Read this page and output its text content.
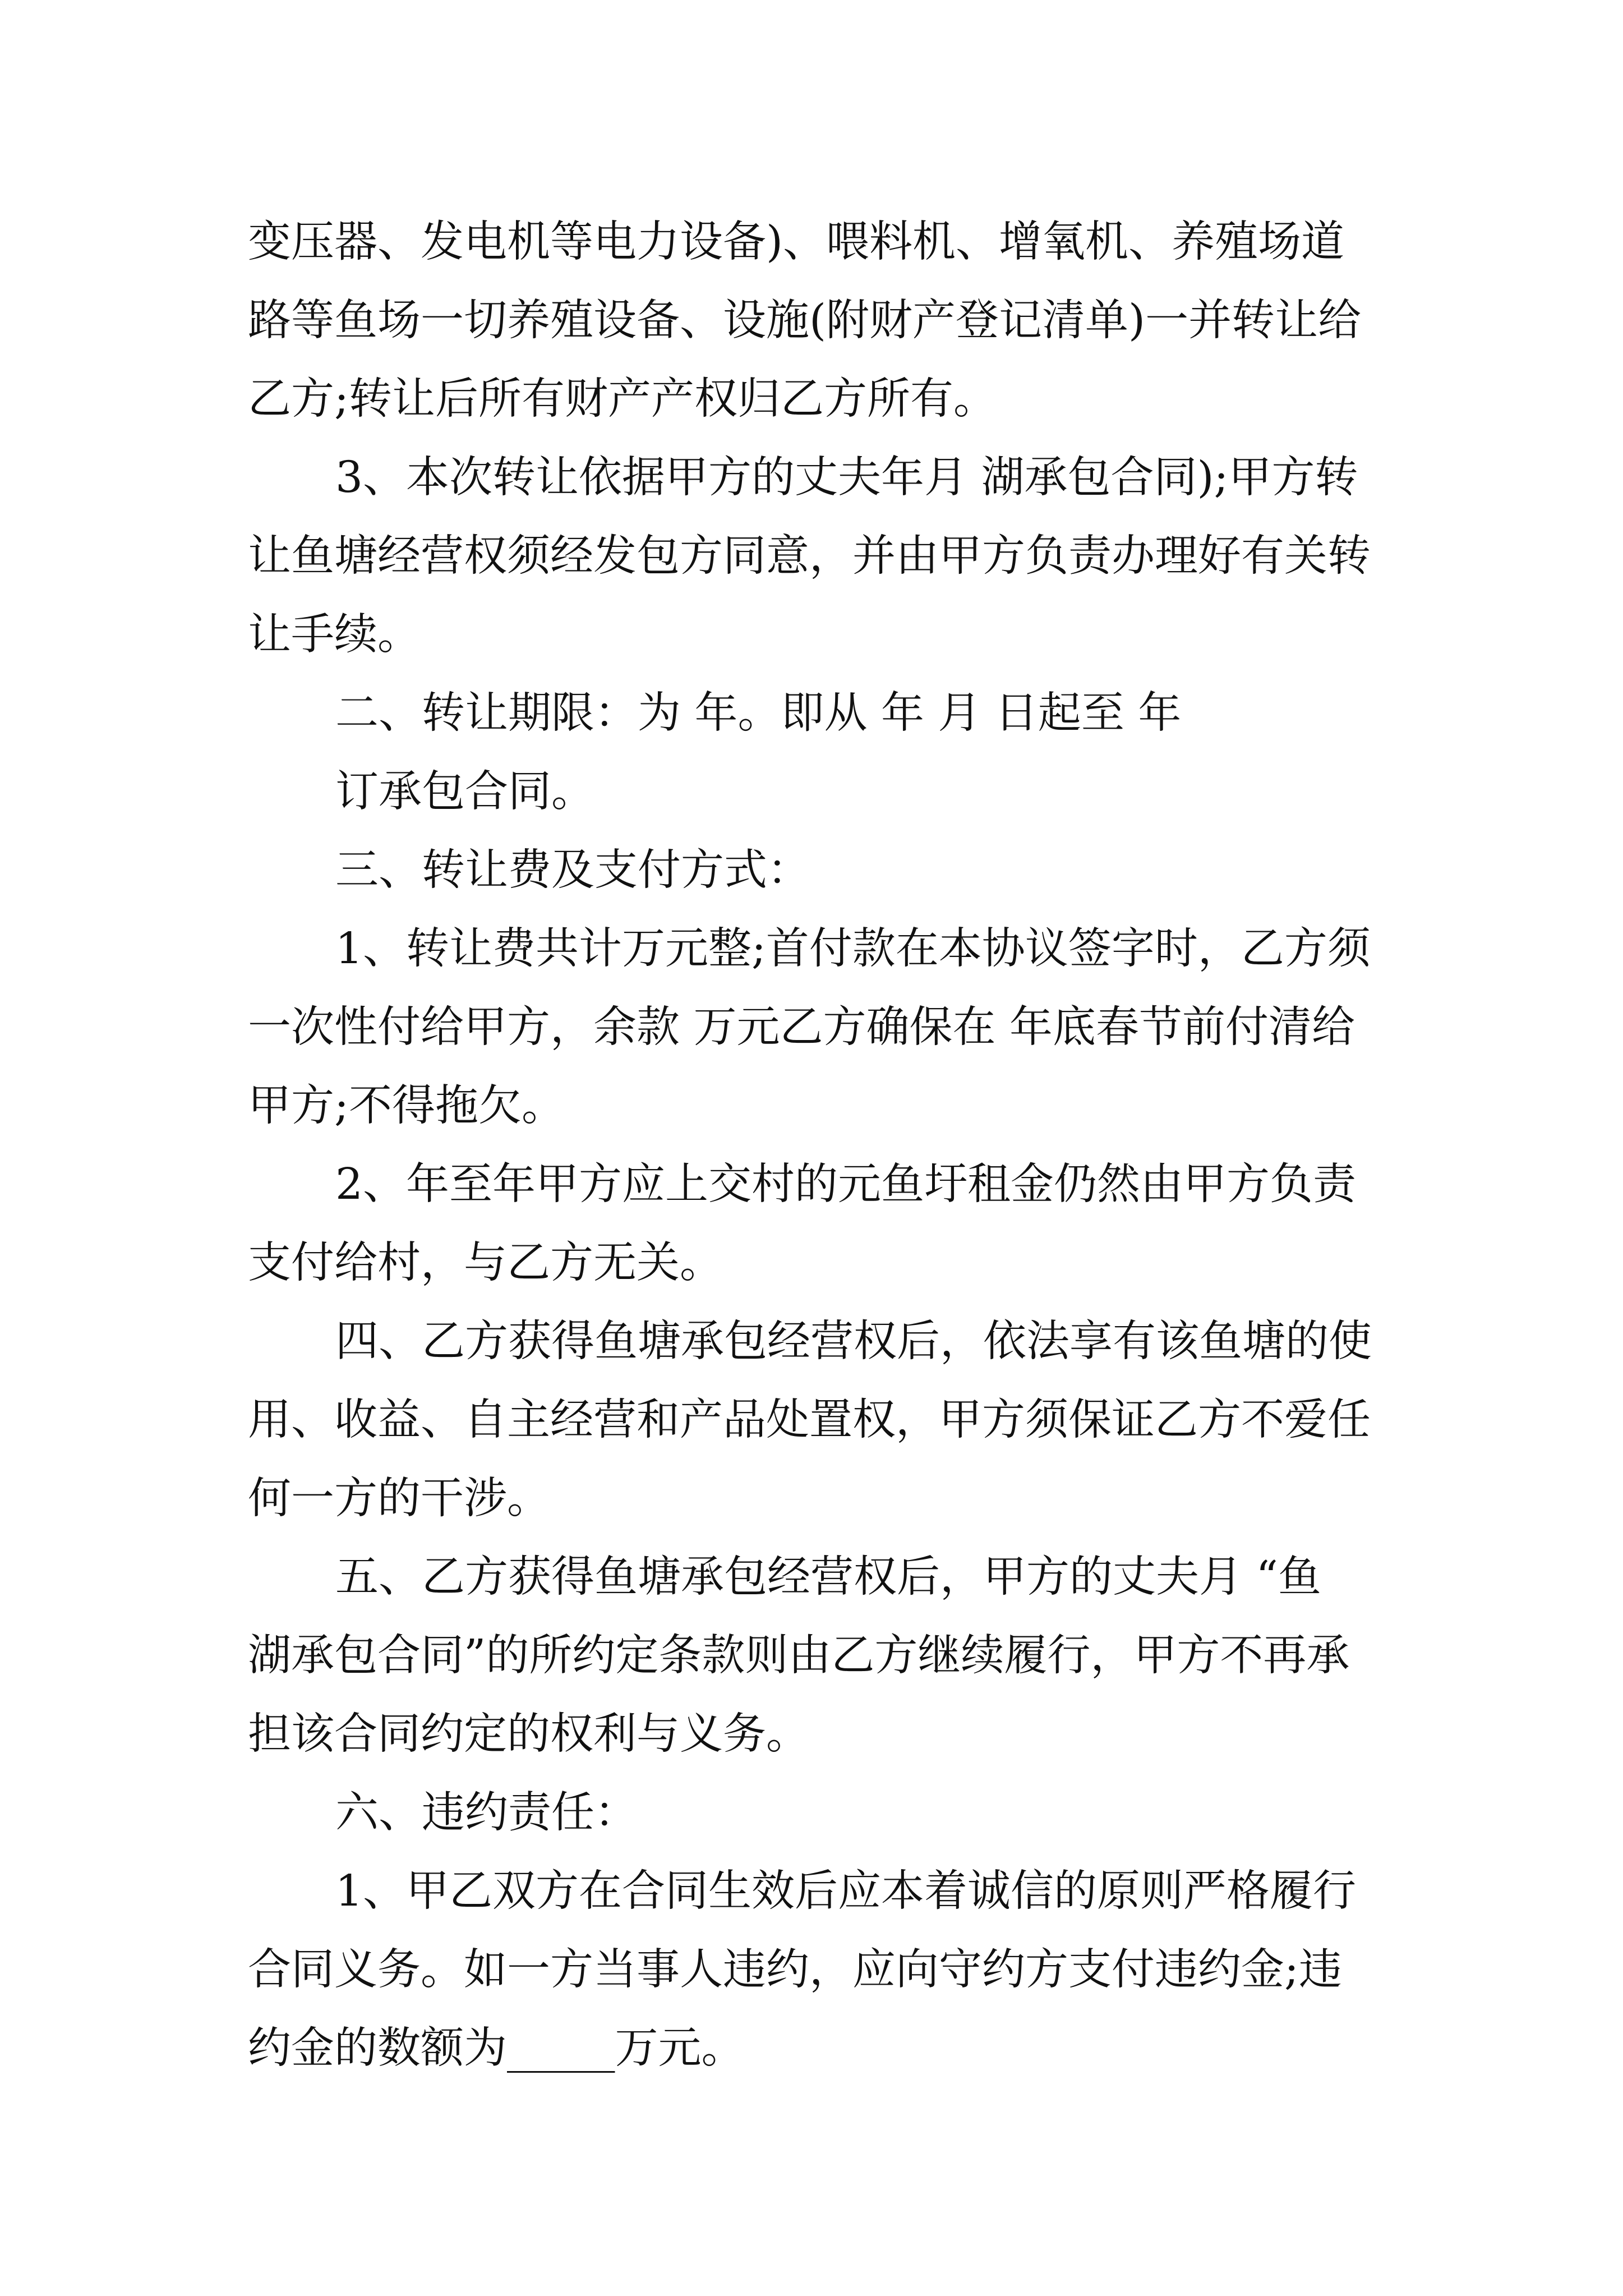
变压器、发电机等电力设备)、喂料机、增氧机、养殖场道

路等鱼场一切养殖设备、设施(附财产登记清单)一并转让给

乙方;转让后所有财产产权归乙方所有。

3、本次转让依据甲方的丈夫年月 湖承包合同);甲方转

让鱼塘经营权须经发包方同意，并由甲方负责办理好有关转

让手续。

二、转让期限：为 年。即从 年 月 日起至 年

订承包合同。

三、转让费及支付方式：

1、转让费共计万元整;首付款在本协议签字时，乙方须

一次性付给甲方，余款 万元乙方确保在 年底春节前付清给

甲方;不得拖欠。

2、年至年甲方应上交村的元鱼圩租金仍然由甲方负责

支付给村，与乙方无关。

四、乙方获得鱼塘承包经营权后，依法享有该鱼塘的使

用、收益、自主经营和产品处置权，甲方须保证乙方不爱任

何一方的干涉。

五、乙方获得鱼塘承包经营权后，甲方的丈夫月 “鱼

湖承包合同”的所约定条款则由乙方继续履行，甲方不再承

担该合同约定的权利与义务。

六、违约责任：

1、甲乙双方在合同生效后应本着诚信的原则严格履行

合同义务。如一方当事人违约，应向守约方支付违约金;违

约金的数额为_____万元。
